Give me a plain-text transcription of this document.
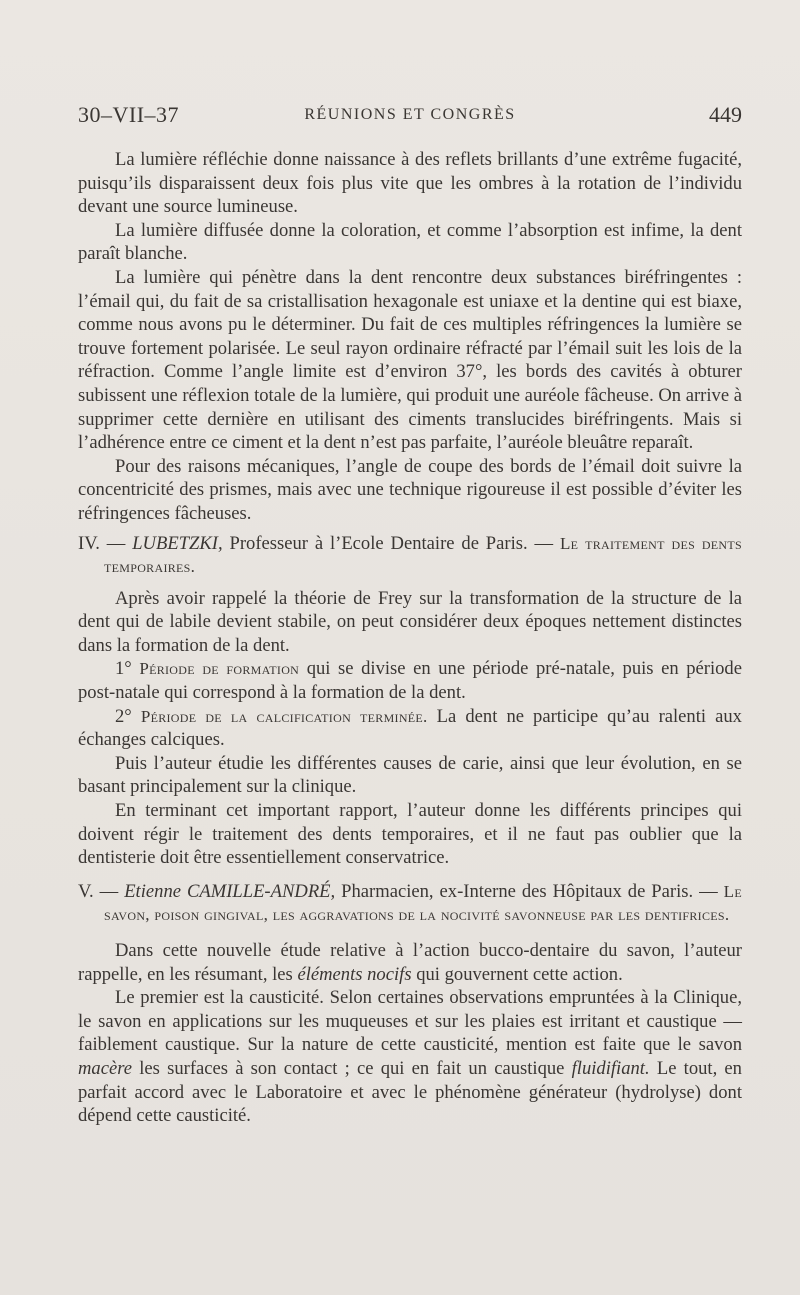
30–VII–37	RÉUNIONS ET CONGRÈS	449

La lumière réfléchie donne naissance à des reflets brillants d’une extrême fugacité, puisqu’ils disparaissent deux fois plus vite que les ombres à la rotation de l’individu devant une source lumineuse.

La lumière diffusée donne la coloration, et comme l’absorption est infime, la dent paraît blanche.

La lumière qui pénètre dans la dent rencontre deux substances biréfringentes : l’émail qui, du fait de sa cristallisation hexagonale est uniaxe et la dentine qui est biaxe, comme nous avons pu le déterminer. Du fait de ces multiples réfringences la lumière se trouve fortement polarisée. Le seul rayon ordinaire réfracté par l’émail suit les lois de la réfraction. Comme l’angle limite est d’environ 37°, les bords des cavités à obturer subissent une réflexion totale de la lumière, qui produit une auréole fâcheuse. On arrive à supprimer cette dernière en utilisant des ciments translucides biréfringents. Mais si l’adhérence entre ce ciment et la dent n’est pas parfaite, l’auréole bleuâtre reparaît.

Pour des raisons mécaniques, l’angle de coupe des bords de l’émail doit suivre la concentricité des prismes, mais avec une technique rigoureuse il est possible d’éviter les réfringences fâcheuses.

IV. — LUBETZKI, Professeur à l’Ecole Dentaire de Paris. — Le traitement des dents temporaires.

Après avoir rappelé la théorie de Frey sur la transformation de la structure de la dent qui de labile devient stabile, on peut considérer deux époques nettement distinctes dans la formation de la dent.

1° Période de formation qui se divise en une période pré-natale, puis en période post-natale qui correspond à la formation de la dent.

2° Période de la calcification terminée. La dent ne participe qu’au ralenti aux échanges calciques.

Puis l’auteur étudie les différentes causes de carie, ainsi que leur évolution, en se basant principalement sur la clinique.

En terminant cet important rapport, l’auteur donne les différents principes qui doivent régir le traitement des dents temporaires, et il ne faut pas oublier que la dentisterie doit être essentiellement conservatrice.

V. — Etienne CAMILLE-ANDRÉ, Pharmacien, ex-Interne des Hôpitaux de Paris. — Le savon, poison gingival, les aggravations de la nocivité savonneuse par les dentifrices.

Dans cette nouvelle étude relative à l’action bucco-dentaire du savon, l’auteur rappelle, en les résumant, les éléments nocifs qui gouvernent cette action.

Le premier est la causticité. Selon certaines observations empruntées à la Clinique, le savon en applications sur les muqueuses et sur les plaies est irritant et caustique — faiblement caustique. Sur la nature de cette causticité, mention est faite que le savon macère les surfaces à son contact ; ce qui en fait un caustique fluidifiant. Le tout, en parfait accord avec le Laboratoire et avec le phénomène générateur (hydrolyse) dont dépend cette causticité.
